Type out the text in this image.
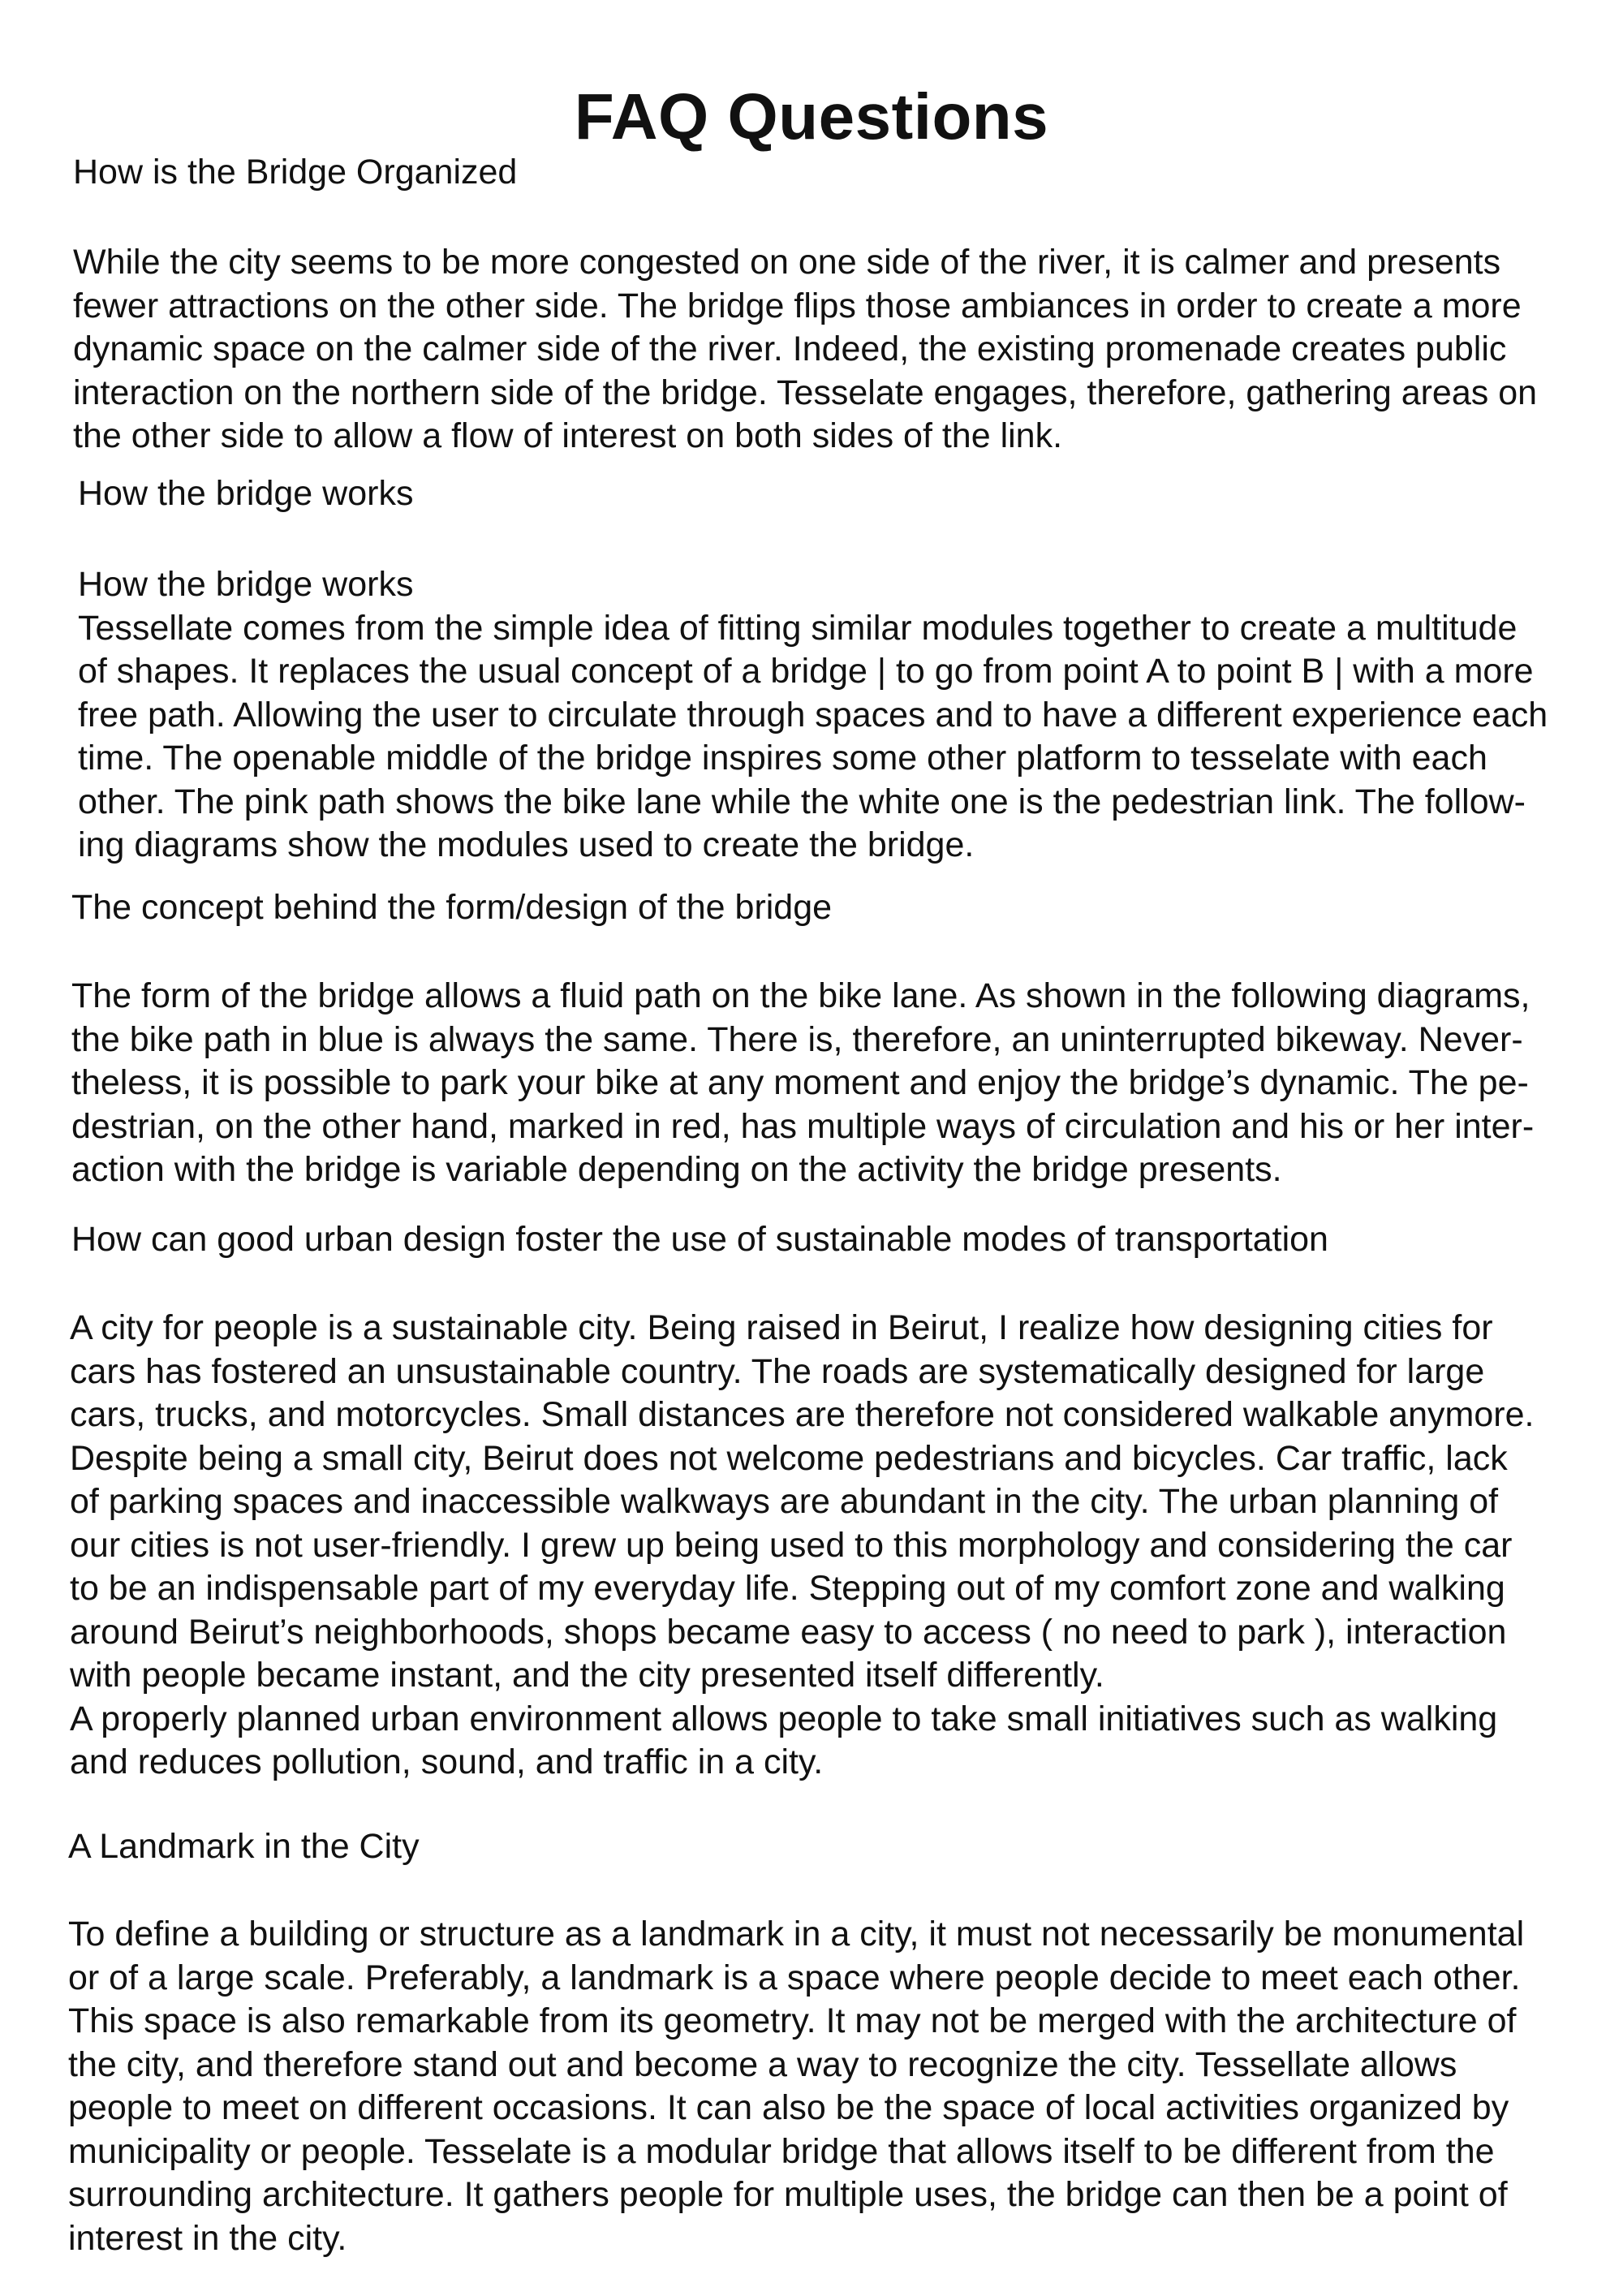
FAQ Questions
How is the Bridge Organized
While the city seems to be more congested on one side of the river, it is calmer and presents
fewer attractions on the other side. The bridge flips those ambiances in order to create a more
dynamic space on the calmer side of the river. Indeed, the existing promenade creates public
interaction on the northern side of the bridge. Tesselate engages, therefore, gathering areas on
the other side to allow a flow of interest on both sides of the link.
How the bridge works
How the bridge works
Tessellate comes from the simple idea of fitting similar modules together to create a multitude
of shapes. It replaces the usual concept of a bridge | to go from point A to point B | with a more
free path. Allowing the user to circulate through spaces and to have a different experience each
time. The openable middle of the bridge inspires some other platform to tesselate with each
other. The pink path shows the bike lane while the white one is the pedestrian link. The follow-
ing diagrams show the modules used to create the bridge.
The concept behind the form/design of the bridge
The form of the bridge allows a fluid path on the bike lane. As shown in the following diagrams,
the bike path in blue is always the same. There is, therefore, an uninterrupted bikeway. Never-
theless, it is possible to park your bike at any moment and enjoy the bridge’s dynamic. The pe-
destrian, on the other hand, marked in red, has multiple ways of circulation and his or her inter-
action with the bridge is variable depending on the activity the bridge presents.
How can good urban design foster the use of sustainable modes of transportation
A city for people is a sustainable city. Being raised in Beirut, I realize how designing cities for
cars has fostered an unsustainable country. The roads are systematically designed for large
cars, trucks, and motorcycles. Small distances are therefore not considered walkable anymore.
Despite being a small city, Beirut does not welcome pedestrians and bicycles. Car traffic, lack
of parking spaces and inaccessible walkways are abundant in the city. The urban planning of
our cities is not user-friendly. I grew up being used to this morphology and considering the car
to be an indispensable part of my everyday life. Stepping out of my comfort zone and walking
around Beirut’s neighborhoods, shops became easy to access ( no need to park ), interaction
with people became instant, and the city presented itself differently.
A properly planned urban environment allows people to take small initiatives such as walking
and reduces pollution, sound, and traffic in a city.
A Landmark in the City
To define a building or structure as a landmark in a city, it must not necessarily be monumental
or of a large scale. Preferably, a landmark is a space where people decide to meet each other.
This space is also remarkable from its geometry. It may not be merged with the architecture of
the city, and therefore stand out and become a way to recognize the city. Tessellate allows
people to meet on different occasions. It can also be the space of local activities organized by
municipality or people. Tesselate is a modular bridge that allows itself to be different from the
surrounding architecture. It gathers people for multiple uses, the bridge can then be a point of
interest in the city.
